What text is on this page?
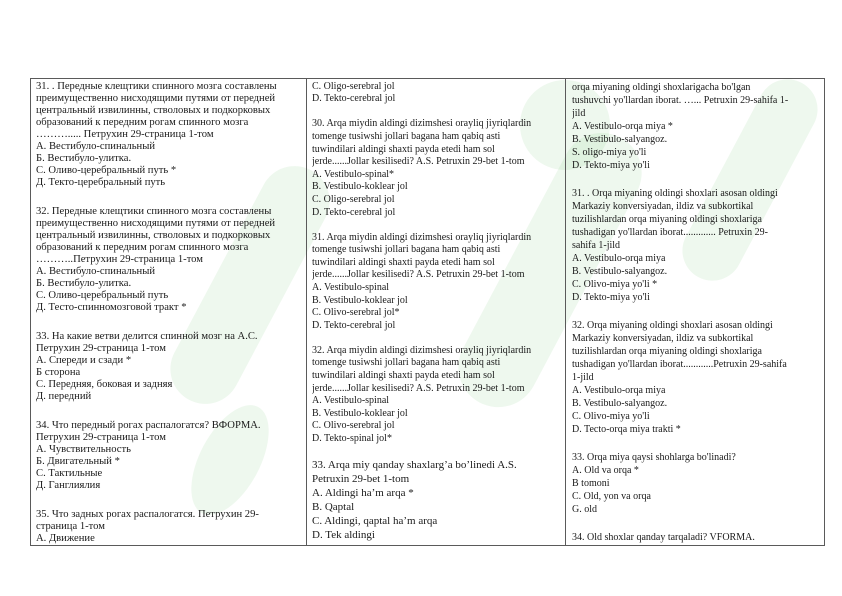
31. . Передные клещтики спинного мозга составлены
преимущественно нисходящими путями от передней
центральный извилинны, стволовых и подкорковых
образований к передним рогам спинного мозга
………..... Петрухин 29-страница 1-том
А. Вестибуло-спинальный
Б. Вестибуло-улитка.
С. Оливо-церебральный путь *
Д. Текто-церебральный путь
32. Передные клещтики спинного мозга составлены
преимущественно нисходящими путями от передней
центральный извилинны, стволовых и подкорковых
образований к передним рогам спинного мозга
………..Петрухин 29-страница 1-том
А. Вестибуло-спинальный
Б. Вестибуло-улитка.
С. Оливо-церебральный путь
Д. Тесто-спинномозговой тракт *
33. На какие ветви делится спинной мозг на А.С.
Петрухин 29-страница 1-том
А. Спереди и сзади *
Б сторона
С. Передняя, боковая и задняя
Д. передний
34. Что передный рогах распалогатся? ВФОРМА.
Петрухин 29-страница 1-том
А. Чувствительность
Б. Двигательный *
С. Тактильные
Д. Ганглиялия
35. Что задных рогах распалогатся. Петрухин 29-
страница 1-том
А. Движение
C. Oligo-serebral jol
D. Tekto-cerebral jol
30. Arqa miydin aldingi dizimshesi orayliq jiyriqlardin
tomenge tusiwshi jollari bagana ham qabiq asti
tuwindilari aldingi shaxti payda etedi ham sol
jerde......Jollar kesilisedi? A.S. Petruxin 29-bet 1-tom
A. Vestibulo-spinal*
B. Vestibulo-koklear jol
C. Oligo-serebral jol
D. Tekto-cerebral jol
31. Arqa miydin aldingi dizimshesi orayliq jiyriqlardin
tomenge tusiwshi jollari bagana ham qabiq asti
tuwindilari aldingi shaxti payda etedi ham sol
jerde......Jollar kesilisedi? A.S. Petruxin 29-bet 1-tom
A. Vestibulo-spinal
B. Vestibulo-koklear jol
C. Olivo-serebral jol*
D. Tekto-cerebral jol
32. Arqa miydin aldingi dizimshesi orayliq jiyriqlardin
tomenge tusiwshi jollari bagana ham qabiq asti
tuwindilari aldingi shaxti payda etedi ham sol
jerde......Jollar kesilisedi? A.S. Petruxin 29-bet 1-tom
A. Vestibulo-spinal
B. Vestibulo-koklear jol
C. Olivo-serebral jol
D. Tekto-spinal jol*
33. Arqa miy qanday shaxlarg’a bo’linedi A.S.
Petruxin 29-bet 1-tom
A. Aldingi ha’m arqa *
B. Qaptal
C. Aldingi, qaptal ha’m arqa
D. Tek aldingi
orqa miyaning oldingi shoxlarigacha bo'lgan
tushuvchi yo'llardan iborat. …... Petruxin 29-sahifa 1-
jild
A. Vestibulo-orqa miya *
B. Vestibulo-salyangoz.
S. oligo-miya yo'li
D. Tekto-miya yo'li
31. . Orqa miyaning oldingi shoxlari asosan oldingi
Markaziy konversiyadan, ildiz va subkortikal
tuzilishlardan orqa miyaning oldingi shoxlariga
tushadigan yo'llardan iborat............. Petruxin 29-
sahifa 1-jild
A. Vestibulo-orqa miya
B. Vestibulo-salyangoz.
C. Olivo-miya yo'li *
D. Tekto-miya yo'li
32. Orqa miyaning oldingi shoxlari asosan oldingi
Markaziy konversiyadan, ildiz va subkortikal
tuzilishlardan orqa miyaning oldingi shoxlariga
tushadigan yo'llardan iborat............Petruxin 29-sahifa
1-jild
A. Vestibulo-orqa miya
B. Vestibulo-salyangoz.
C. Olivo-miya yo'li
D. Tecto-orqa miya trakti *
33. Orqa miya qaysi shohlarga bo'linadi?
A. Old va orqa *
B tomoni
C. Old, yon va orqa
G. old
34. Old shoxlar qanday tarqaladi? VFORMA.
